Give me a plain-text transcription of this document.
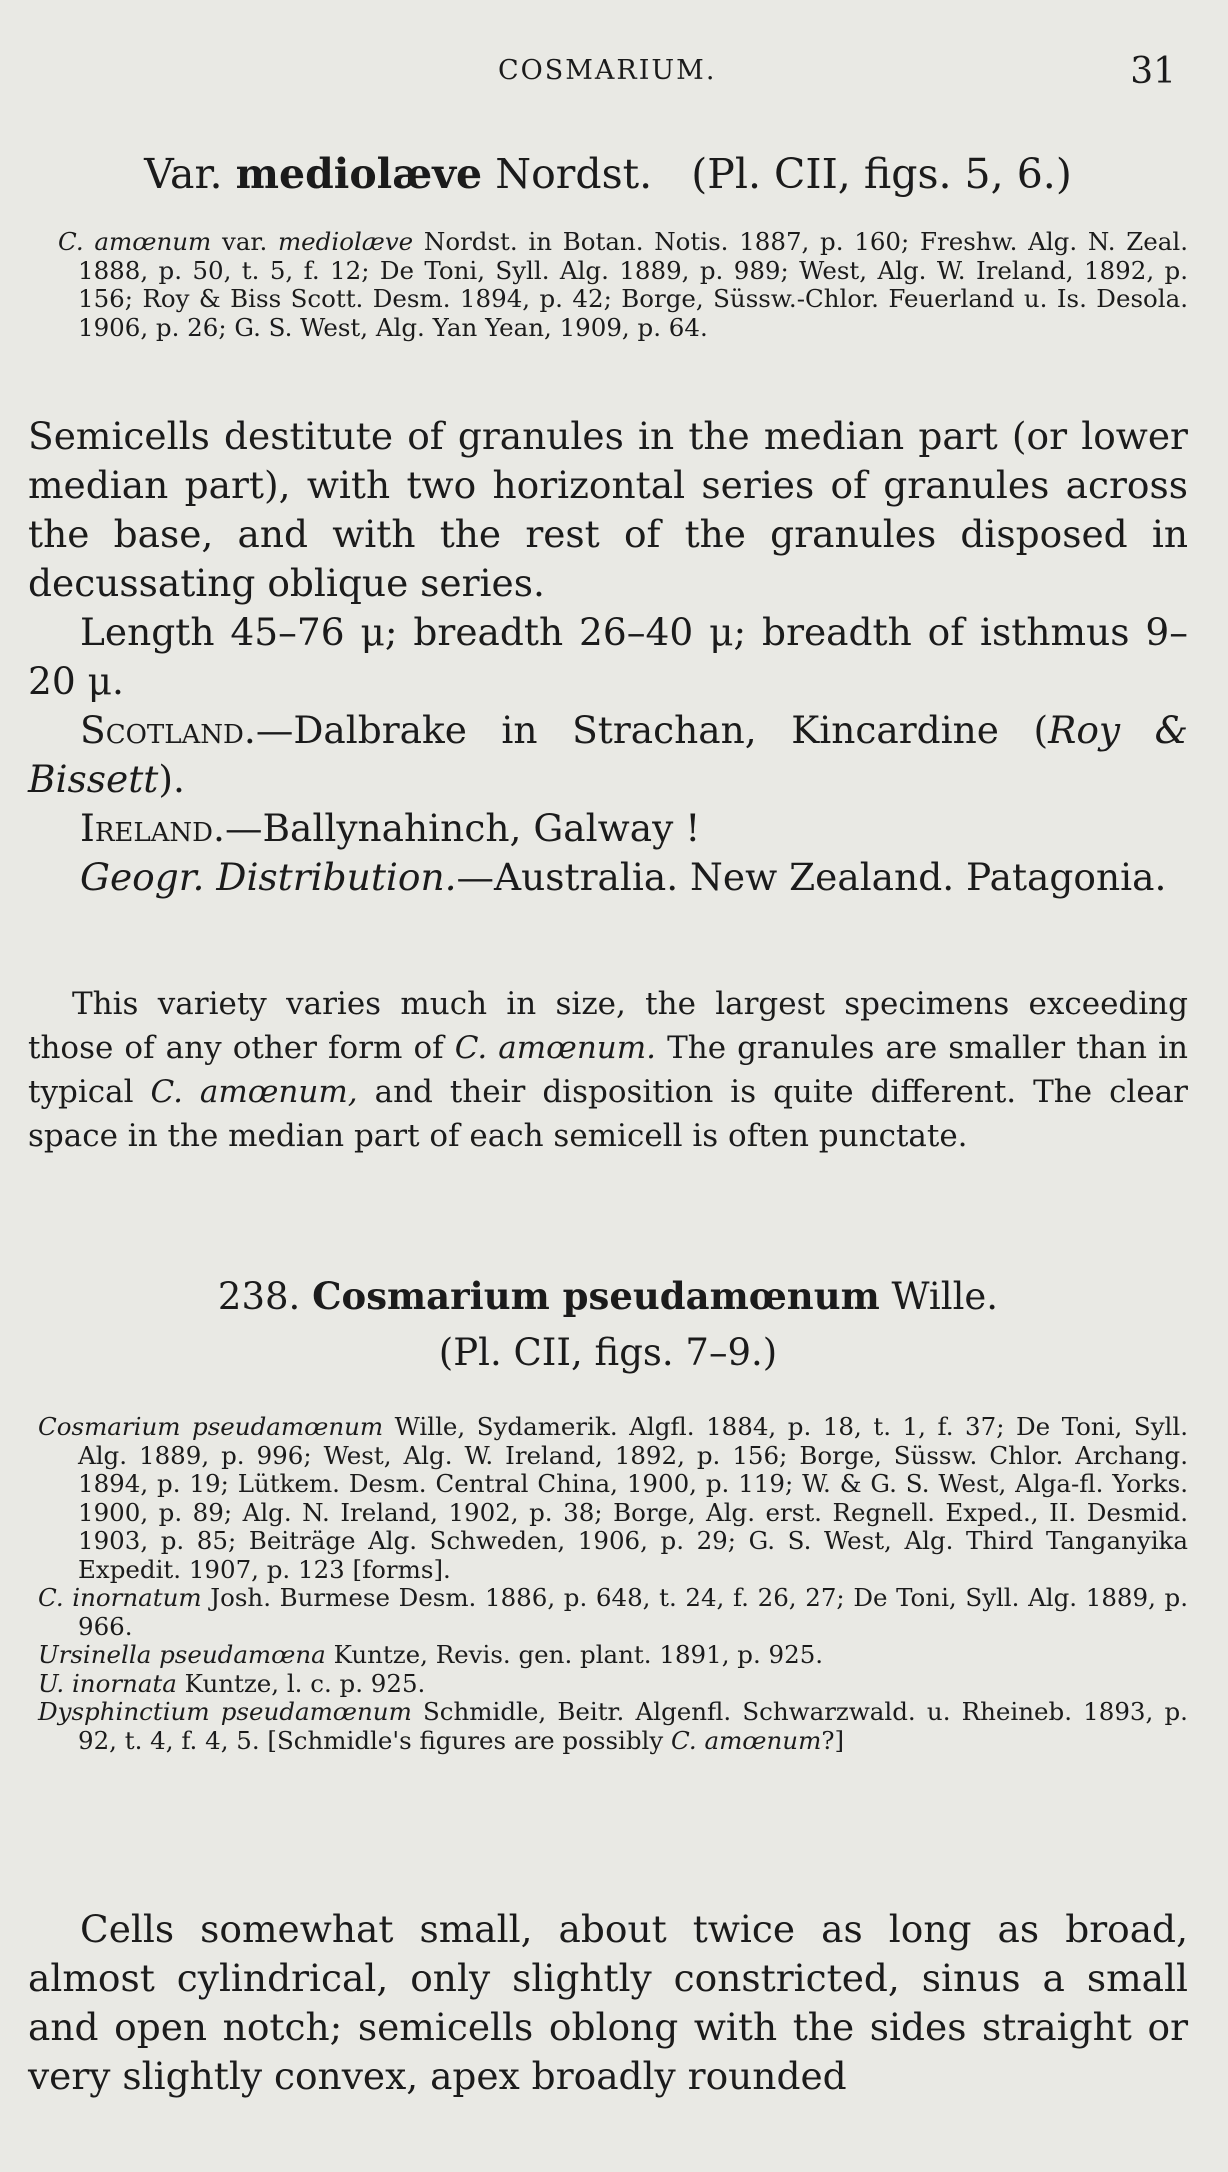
COSMARIUM.	31
Var. mediolæve Nordst. (Pl. CII, figs. 5, 6.)
C. amœnum var. mediolæve Nordst. in Botan. Notis. 1887, p. 160; Freshw. Alg. N. Zeal. 1888, p. 50, t. 5, f. 12; De Toni, Syll. Alg. 1889, p. 989; West, Alg. W. Ireland, 1892, p. 156; Roy & Biss Scott. Desm. 1894, p. 42; Borge, Süssw.-Chlor. Feuerland u. Is. Desola. 1906, p. 26; G. S. West, Alg. Yan Yean, 1909, p. 64.

Semicells destitute of granules in the median part (or lower median part), with two horizontal series of granules across the base, and with the rest of the granules disposed in decussating oblique series.

Length 45–76 μ; breadth 26–40 μ; breadth of isthmus 9–20 μ.

Scotland.—Dalbrake in Strachan, Kincardine (Roy & Bissett).

Ireland.—Ballynahinch, Galway !

Geogr. Distribution.—Australia. New Zealand. Patagonia.

This variety varies much in size, the largest specimens exceeding those of any other form of C. amœnum. The granules are smaller than in typical C. amœnum, and their disposition is quite different. The clear space in the median part of each semicell is often punctate.

238. Cosmarium pseudamœnum Wille.
(Pl. CII, figs. 7–9.)

Cosmarium pseudamœnum Wille, Sydamerik. Algfl. 1884, p. 18, t. 1, f. 37; De Toni, Syll. Alg. 1889, p. 996; West, Alg. W. Ireland, 1892, p. 156; Borge, Süssw. Chlor. Archang. 1894, p. 19; Lütkem. Desm. Central China, 1900, p. 119; W. & G. S. West, Alga-fl. Yorks. 1900, p. 89; Alg. N. Ireland, 1902, p. 38; Borge, Alg. erst. Regnell. Exped., II. Desmid. 1903, p. 85; Beiträge Alg. Schweden, 1906, p. 29; G. S. West, Alg. Third Tanganyika Expedit. 1907, p. 123 [forms].

C. inornatum Josh. Burmese Desm. 1886, p. 648, t. 24, f. 26, 27; De Toni, Syll. Alg. 1889, p. 966.

Ursinella pseudamœna Kuntze, Revis. gen. plant. 1891, p. 925.

U. inornata Kuntze, l. c. p. 925.

Dysphinctium pseudamœnum Schmidle, Beitr. Algenfl. Schwarzwald. u. Rheineb. 1893, p. 92, t. 4, f. 4, 5. [Schmidle's figures are possibly C. amœnum?]

Cells somewhat small, about twice as long as broad, almost cylindrical, only slightly constricted, sinus a small and open notch; semicells oblong with the sides straight or very slightly convex, apex broadly rounded
